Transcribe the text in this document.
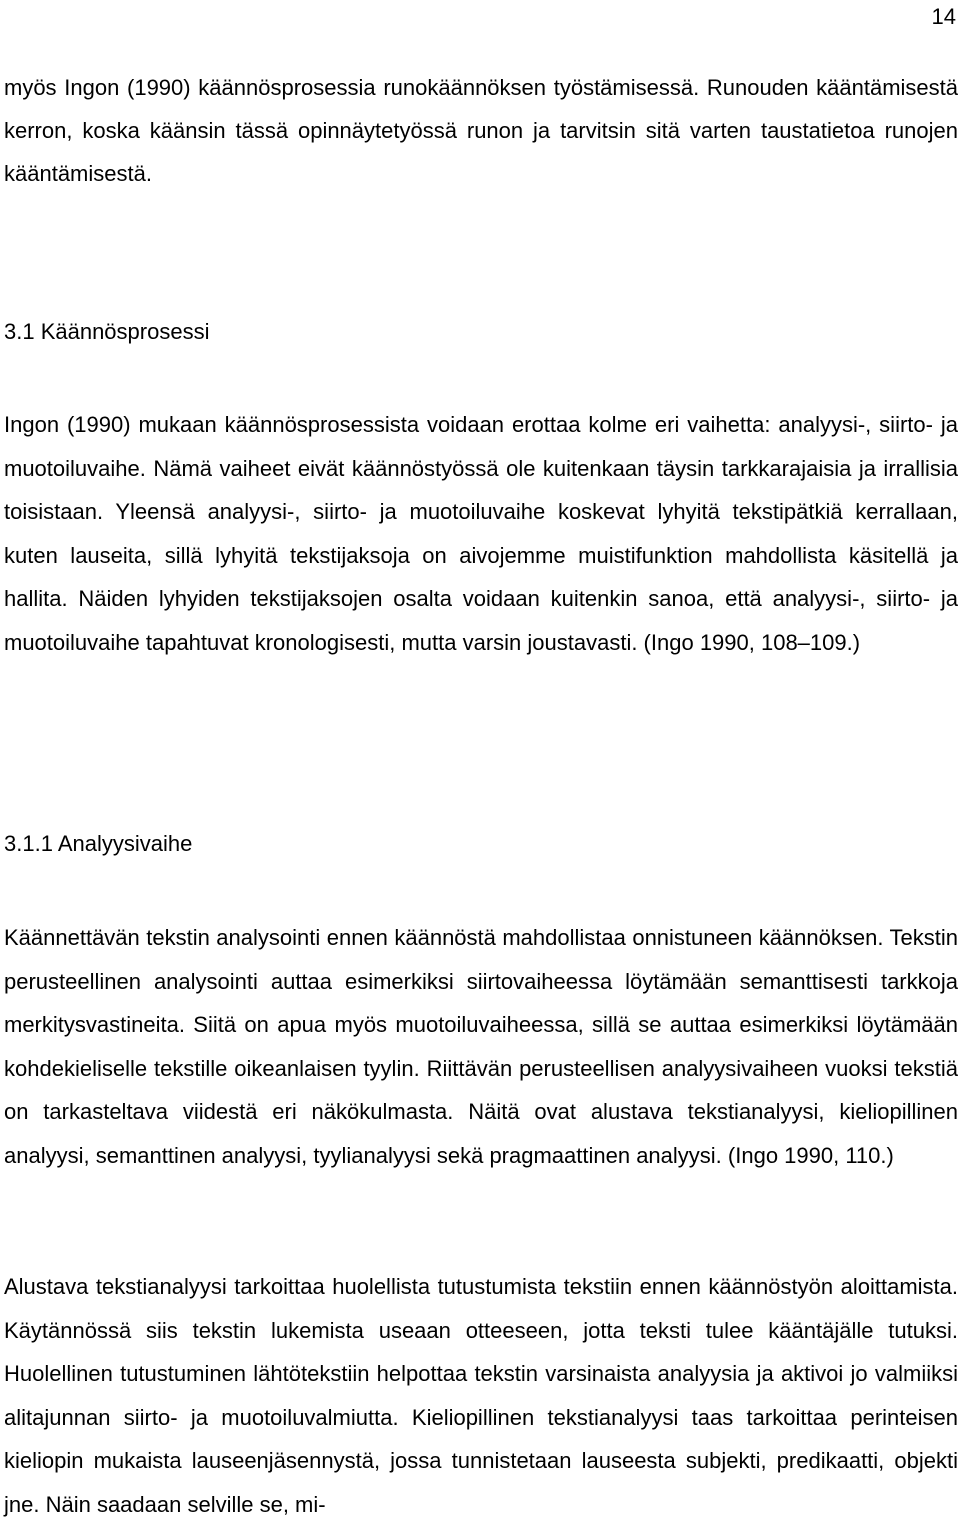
14

myös Ingon (1990) käännösprosessia runokäännöksen työstämisessä. Runouden kääntämisestä kerron, koska käänsin tässä opinnäytetyössä runon ja tarvitsin sitä varten taustatietoa runojen kääntämisestä.

3.1 Käännösprosessi

Ingon (1990) mukaan käännösprosessista voidaan erottaa kolme eri vaihetta: analyysi-, siirto- ja muotoiluvaihe. Nämä vaiheet eivät käännöstyössä ole kuitenkaan täysin tarkkarajaisia ja irrallisia toisistaan. Yleensä analyysi-, siirto- ja muotoiluvaihe koskevat lyhyitä tekstipätkiä kerrallaan, kuten lauseita, sillä lyhyitä tekstijaksoja on aivojemme muistifunktion mahdollista käsitellä ja hallita. Näiden lyhyiden tekstijaksojen osalta voidaan kuitenkin sanoa, että analyysi-, siirto- ja muotoiluvaihe tapahtuvat kronologisesti, mutta varsin joustavasti. (Ingo 1990, 108–109.)

3.1.1 Analyysivaihe

Käännettävän tekstin analysointi ennen käännöstä mahdollistaa onnistuneen käännöksen. Tekstin perusteellinen analysointi auttaa esimerkiksi siirtovaiheessa löytämään semanttisesti tarkkoja merkitysvastineita. Siitä on apua myös muotoiluvaiheessa, sillä se auttaa esimerkiksi löytämään kohdekieliselle tekstille oikeanlaisen tyylin. Riittävän perusteellisen analyysivaiheen vuoksi tekstiä on tarkasteltava viidestä eri näkökulmasta. Näitä ovat alustava tekstianalyysi, kieliopillinen analyysi, semanttinen analyysi, tyylianalyysi sekä pragmaattinen analyysi. (Ingo 1990, 110.)

Alustava tekstianalyysi tarkoittaa huolellista tutustumista tekstiin ennen käännöstyön aloittamista. Käytännössä siis tekstin lukemista useaan otteeseen, jotta teksti tulee kääntäjälle tutuksi. Huolellinen tutustuminen lähtötekstiin helpottaa tekstin varsinaista analyysia ja aktivoi jo valmiiksi alitajunnan siirto- ja muotoiluvalmiutta. Kieliopillinen tekstianalyysi taas tarkoittaa perinteisen kieliopin mukaista lauseenjäsennystä, jossa tunnistetaan lauseesta subjekti, predikaatti, objekti jne. Näin saadaan selville se, mi-
